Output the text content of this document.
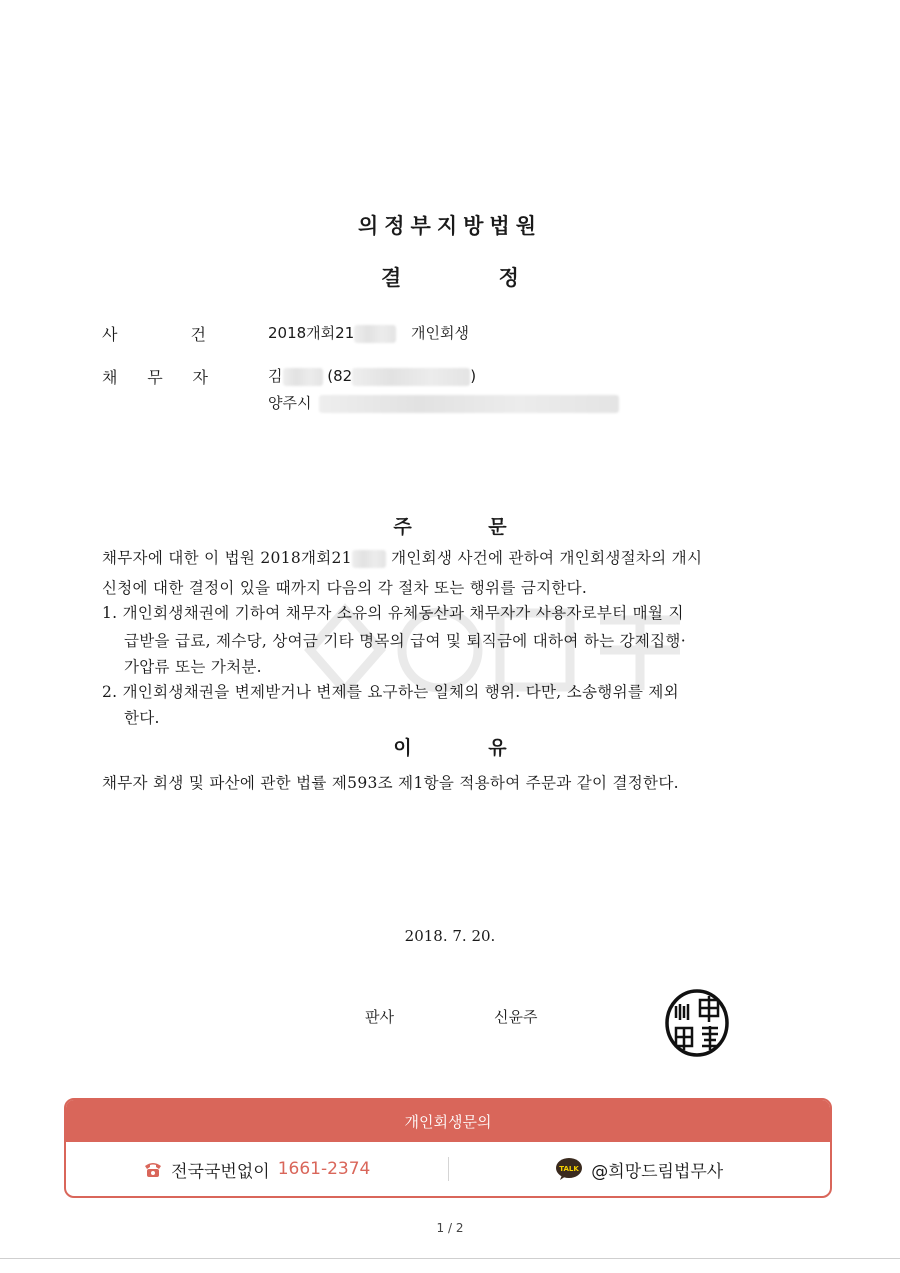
의정부지방법원
결 정
사	건	2018개회21	개인회생
채 무 자	김	(82	)
양주시
주 문
채무자에 대한 이 법원 2018개회21	개인회생 사건에 관하여 개인회생절차의 개시
신청에 대한 결정이 있을 때까지 다음의 각 절차 또는 행위를 금지한다.
1. 개인회생채권에 기하여 채무자 소유의 유체동산과 채무자가 사용자로부터 매월 지
급받을 급료, 제수당, 상여금 기타 명목의 급여 및 퇴직금에 대하여 하는 강제집행·
가압류 또는 가처분.
2. 개인회생채권을 변제받거나 변제를 요구하는 일체의 행위. 다만, 소송행위를 제외
한다.
이 유
채무자 회생 및 파산에 관한 법률 제593조 제1항을 적용하여 주문과 같이 결정한다.
2018. 7. 20.
판사	신윤주
개인회생문의
전국국번없이 1661-2374	TALK @희망드림법무사
1 / 2
